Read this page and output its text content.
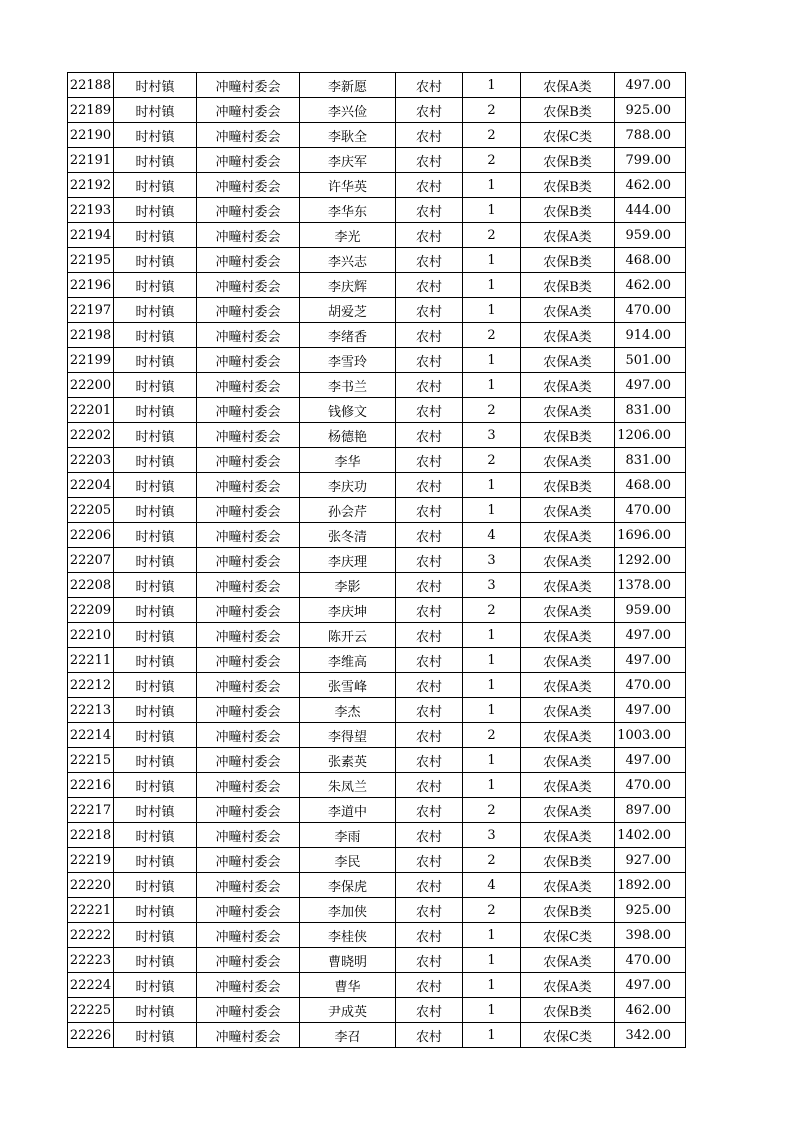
22188	时村镇	冲疃村委会	李新愿	农村	1	农保A类	497.00
22189	时村镇	冲疃村委会	李兴俭	农村	2	农保B类	925.00
22190	时村镇	冲疃村委会	李耿全	农村	2	农保C类	788.00
22191	时村镇	冲疃村委会	李庆军	农村	2	农保B类	799.00
22192	时村镇	冲疃村委会	许华英	农村	1	农保B类	462.00
22193	时村镇	冲疃村委会	李华东	农村	1	农保B类	444.00
22194	时村镇	冲疃村委会	李光	农村	2	农保A类	959.00
22195	时村镇	冲疃村委会	李兴志	农村	1	农保B类	468.00
22196	时村镇	冲疃村委会	李庆辉	农村	1	农保B类	462.00
22197	时村镇	冲疃村委会	胡爱芝	农村	1	农保A类	470.00
22198	时村镇	冲疃村委会	李绪香	农村	2	农保A类	914.00
22199	时村镇	冲疃村委会	李雪玲	农村	1	农保A类	501.00
22200	时村镇	冲疃村委会	李书兰	农村	1	农保A类	497.00
22201	时村镇	冲疃村委会	钱修文	农村	2	农保A类	831.00
22202	时村镇	冲疃村委会	杨德艳	农村	3	农保B类	1206.00
22203	时村镇	冲疃村委会	李华	农村	2	农保A类	831.00
22204	时村镇	冲疃村委会	李庆功	农村	1	农保B类	468.00
22205	时村镇	冲疃村委会	孙会芹	农村	1	农保A类	470.00
22206	时村镇	冲疃村委会	张冬清	农村	4	农保A类	1696.00
22207	时村镇	冲疃村委会	李庆理	农村	3	农保A类	1292.00
22208	时村镇	冲疃村委会	李影	农村	3	农保A类	1378.00
22209	时村镇	冲疃村委会	李庆坤	农村	2	农保A类	959.00
22210	时村镇	冲疃村委会	陈开云	农村	1	农保A类	497.00
22211	时村镇	冲疃村委会	李维高	农村	1	农保A类	497.00
22212	时村镇	冲疃村委会	张雪峰	农村	1	农保A类	470.00
22213	时村镇	冲疃村委会	李杰	农村	1	农保A类	497.00
22214	时村镇	冲疃村委会	李得望	农村	2	农保A类	1003.00
22215	时村镇	冲疃村委会	张素英	农村	1	农保A类	497.00
22216	时村镇	冲疃村委会	朱凤兰	农村	1	农保A类	470.00
22217	时村镇	冲疃村委会	李道中	农村	2	农保A类	897.00
22218	时村镇	冲疃村委会	李雨	农村	3	农保A类	1402.00
22219	时村镇	冲疃村委会	李民	农村	2	农保B类	927.00
22220	时村镇	冲疃村委会	李保虎	农村	4	农保A类	1892.00
22221	时村镇	冲疃村委会	李加侠	农村	2	农保B类	925.00
22222	时村镇	冲疃村委会	李桂侠	农村	1	农保C类	398.00
22223	时村镇	冲疃村委会	曹晓明	农村	1	农保A类	470.00
22224	时村镇	冲疃村委会	曹华	农村	1	农保A类	497.00
22225	时村镇	冲疃村委会	尹成英	农村	1	农保B类	462.00
22226	时村镇	冲疃村委会	李召	农村	1	农保C类	342.00
